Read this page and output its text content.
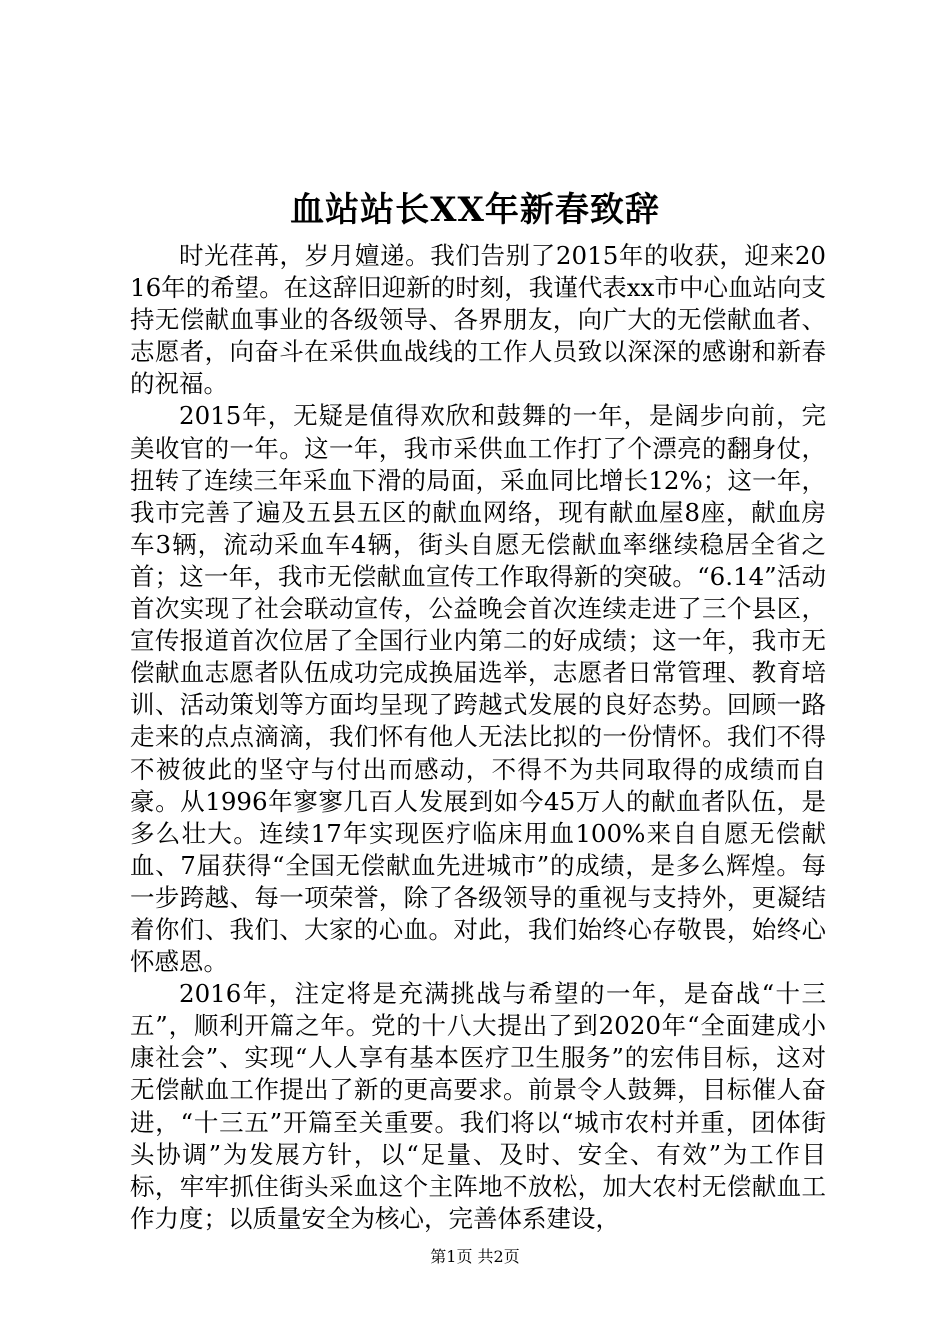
血站站长XX年新春致辞

时光荏苒，岁月嬗递。我们告别了2015年的收获，迎来2016年的希望。在这辞旧迎新的时刻，我谨代表xx市中心血站向支持无偿献血事业的各级领导、各界朋友，向广大的无偿献血者、志愿者，向奋斗在采供血战线的工作人员致以深深的感谢和新春的祝福。

2015年，无疑是值得欢欣和鼓舞的一年，是阔步向前，完美收官的一年。这一年，我市采供血工作打了个漂亮的翻身仗，扭转了连续三年采血下滑的局面，采血同比增长12%；这一年，我市完善了遍及五县五区的献血网络，现有献血屋8座，献血房车3辆，流动采血车4辆，街头自愿无偿献血率继续稳居全省之首；这一年，我市无偿献血宣传工作取得新的突破。“6.14”活动首次实现了社会联动宣传，公益晚会首次连续走进了三个县区，宣传报道首次位居了全国行业内第二的好成绩；这一年，我市无偿献血志愿者队伍成功完成换届选举，志愿者日常管理、教育培训、活动策划等方面均呈现了跨越式发展的良好态势。回顾一路走来的点点滴滴，我们怀有他人无法比拟的一份情怀。我们不得不被彼此的坚守与付出而感动，不得不为共同取得的成绩而自豪。从1996年寥寥几百人发展到如今45万人的献血者队伍，是多么壮大。连续17年实现医疗临床用血100%来自自愿无偿献血、7届获得“全国无偿献血先进城市”的成绩，是多么辉煌。每一步跨越、每一项荣誉，除了各级领导的重视与支持外，更凝结着你们、我们、大家的心血。对此，我们始终心存敬畏，始终心怀感恩。

2016年，注定将是充满挑战与希望的一年，是奋战“十三五”，顺利开篇之年。党的十八大提出了到2020年“全面建成小康社会”、实现“人人享有基本医疗卫生服务”的宏伟目标，这对无偿献血工作提出了新的更高要求。前景令人鼓舞，目标催人奋进，“十三五”开篇至关重要。我们将以“城市农村并重，团体街头协调”为发展方针，以“足量、及时、安全、有效”为工作目标，牢牢抓住街头采血这个主阵地不放松，加大农村无偿献血工作力度；以质量安全为核心，完善体系建设，

第1页 共2页
